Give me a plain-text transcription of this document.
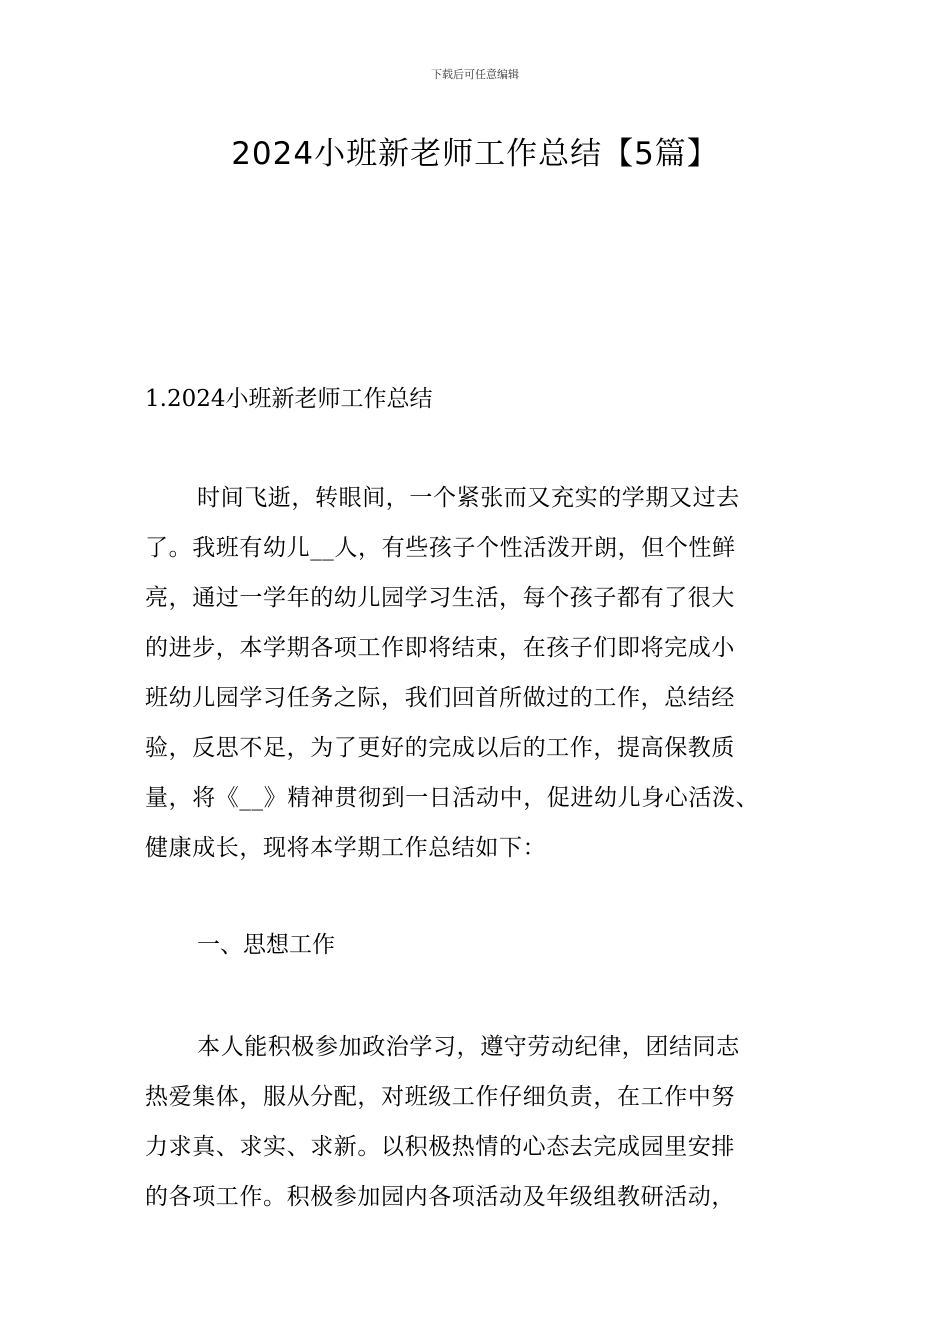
下载后可任意编辑
2024小班新老师工作总结【5篇】
1.2024小班新老师工作总结
时间飞逝，转眼间，一个紧张而又充实的学期又过去
了。我班有幼儿__人，有些孩子个性活泼开朗，但个性鲜
亮，通过一学年的幼儿园学习生活，每个孩子都有了很大
的进步，本学期各项工作即将结束，在孩子们即将完成小
班幼儿园学习任务之际，我们回首所做过的工作，总结经
验，反思不足，为了更好的完成以后的工作，提高保教质
量，将《__》精神贯彻到一日活动中，促进幼儿身心活泼、
健康成长，现将本学期工作总结如下：
一、思想工作
本人能积极参加政治学习，遵守劳动纪律，团结同志
热爱集体，服从分配，对班级工作仔细负责，在工作中努
力求真、求实、求新。以积极热情的心态去完成园里安排
的各项工作。积极参加园内各项活动及年级组教研活动，
